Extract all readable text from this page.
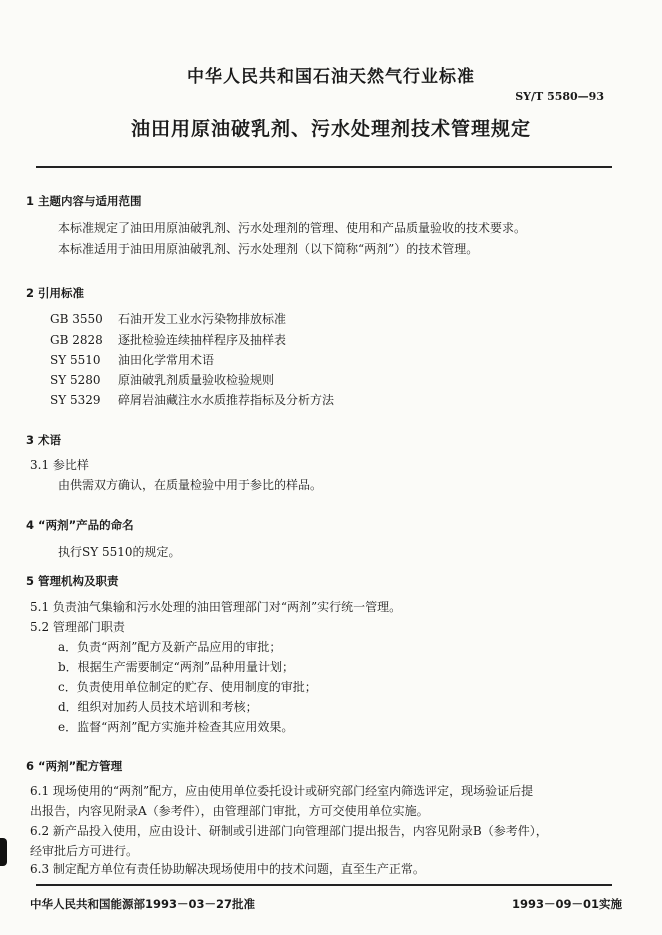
中华人民共和国石油天然气行业标准
SY/T 5580—93
油田用原油破乳剂、污水处理剂技术管理规定
1 主题内容与适用范围
本标准规定了油田用原油破乳剂、污水处理剂的管理、使用和产品质量验收的技术要求。
本标准适用于油田用原油破乳剂、污水处理剂（以下简称“两剂”）的技术管理。
2 引用标准
GB 3550 石油开发工业水污染物排放标准
GB 2828 逐批检验连续抽样程序及抽样表
SY 5510 油田化学常用术语
SY 5280 原油破乳剂质量验收检验规则
SY 5329 碎屑岩油藏注水水质推荐指标及分析方法
3 术语
3.1 参比样
由供需双方确认，在质量检验中用于参比的样品。
4 “两剂”产品的命名
执行SY 5510的规定。
5 管理机构及职责
5.1 负责油气集输和污水处理的油田管理部门对“两剂”实行统一管理。
5.2 管理部门职责
a．负责“两剂”配方及新产品应用的审批；
b．根据生产需要制定“两剂”品种用量计划；
c．负责使用单位制定的贮存、使用制度的审批；
d．组织对加药人员技术培训和考核；
e．监督“两剂”配方实施并检查其应用效果。
6 “两剂”配方管理
6.1 现场使用的“两剂”配方，应由使用单位委托设计或研究部门经室内筛选评定，现场验证后提
出报告，内容见附录A（参考件），由管理部门审批，方可交使用单位实施。
6.2 新产品投入使用，应由设计、研制或引进部门向管理部门提出报告，内容见附录B（参考件），
经审批后方可进行。
6.3 制定配方单位有责任协助解决现场使用中的技术问题，直至生产正常。
中华人民共和国能源部1993－03－27批准	1993－09－01实施
